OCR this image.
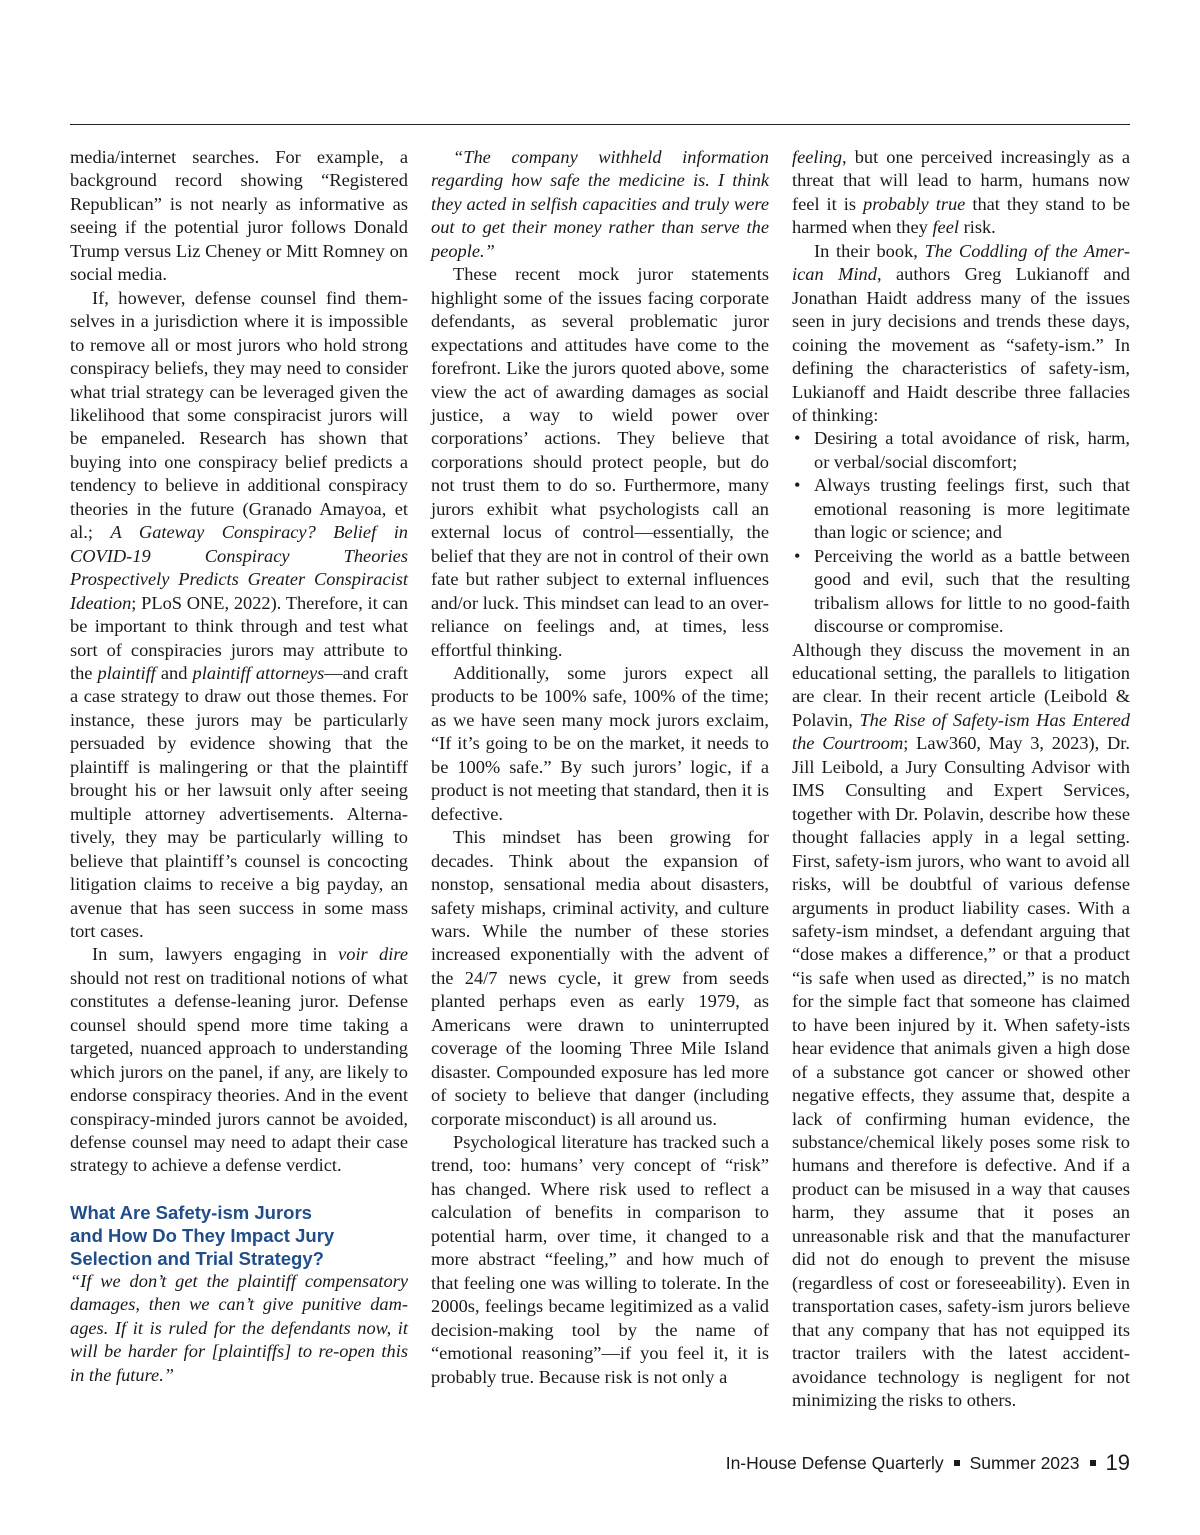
media/internet searches. For example, a background record showing “Registered Republican” is not nearly as informative as seeing if the potential juror follows Donald Trump versus Liz Cheney or Mitt Romney on social media.

If, however, defense counsel find themselves in a jurisdiction where it is impossible to remove all or most jurors who hold strong conspiracy beliefs, they may need to consider what trial strategy can be leveraged given the likelihood that some conspiracist jurors will be empaneled. Research has shown that buying into one conspiracy belief predicts a tendency to believe in additional conspiracy theories in the future (Granado Amayoa, et al.; A Gateway Conspiracy? Belief in COVID-19 Conspiracy Theories Prospectively Predicts Greater Conspiracist Ideation; PLoS ONE, 2022). Therefore, it can be important to think through and test what sort of conspiracies jurors may attribute to the plaintiff and plaintiff attorneys—and craft a case strategy to draw out those themes. For instance, these jurors may be particularly persuaded by evidence showing that the plaintiff is malingering or that the plaintiff brought his or her lawsuit only after seeing multiple attorney advertisements. Alternatively, they may be particularly willing to believe that plaintiff’s counsel is concocting litigation claims to receive a big payday, an avenue that has seen success in some mass tort cases.

In sum, lawyers engaging in voir dire should not rest on traditional notions of what constitutes a defense-leaning juror. Defense counsel should spend more time taking a targeted, nuanced approach to understanding which jurors on the panel, if any, are likely to endorse conspiracy theories. And in the event conspiracy-minded jurors cannot be avoided, defense counsel may need to adapt their case strategy to achieve a defense verdict.

What Are Safety-ism Jurors
and How Do They Impact Jury
Selection and Trial Strategy?

“If we don’t get the plaintiff compensatory damages, then we can’t give punitive damages. If it is ruled for the defendants now, it will be harder for [plaintiffs] to re-open this in the future.”

“The company withheld information regarding how safe the medicine is. I think they acted in selfish capacities and truly were out to get their money rather than serve the people.”

These recent mock juror statements highlight some of the issues facing corporate defendants, as several problematic juror expectations and attitudes have come to the forefront. Like the jurors quoted above, some view the act of awarding damages as social justice, a way to wield power over corporations’ actions. They believe that corporations should protect people, but do not trust them to do so. Furthermore, many jurors exhibit what psychologists call an external locus of control—essentially, the belief that they are not in control of their own fate but rather subject to external influences and/or luck. This mindset can lead to an over-reliance on feelings and, at times, less effortful thinking.

Additionally, some jurors expect all products to be 100% safe, 100% of the time; as we have seen many mock jurors exclaim, “If it’s going to be on the market, it needs to be 100% safe.” By such jurors’ logic, if a product is not meeting that standard, then it is defective.

This mindset has been growing for decades. Think about the expansion of nonstop, sensational media about disasters, safety mishaps, criminal activity, and culture wars. While the number of these stories increased exponentially with the advent of the 24/7 news cycle, it grew from seeds planted perhaps even as early 1979, as Americans were drawn to uninterrupted coverage of the looming Three Mile Island disaster. Compounded exposure has led more of society to believe that danger (including corporate misconduct) is all around us.

Psychological literature has tracked such a trend, too: humans’ very concept of “risk” has changed. Where risk used to reflect a calculation of benefits in comparison to potential harm, over time, it changed to a more abstract “feeling,” and how much of that feeling one was willing to tolerate. In the 2000s, feelings became legitimized as a valid decision-making tool by the name of “emotional reasoning”—if you feel it, it is probably true. Because risk is not only a

feeling, but one perceived increasingly as a threat that will lead to harm, humans now feel it is probably true that they stand to be harmed when they feel risk.

In their book, The Coddling of the American Mind, authors Greg Lukianoff and Jonathan Haidt address many of the issues seen in jury decisions and trends these days, coining the movement as “safety-ism.” In defining the characteristics of safety-ism, Lukianoff and Haidt describe three fallacies of thinking:

• Desiring a total avoidance of risk, harm, or verbal/social discomfort;
• Always trusting feelings first, such that emotional reasoning is more legitimate than logic or science; and
• Perceiving the world as a battle between good and evil, such that the resulting tribalism allows for little to no good-faith discourse or compromise.

Although they discuss the movement in an educational setting, the parallels to litigation are clear. In their recent article (Leibold & Polavin, The Rise of Safety-ism Has Entered the Courtroom; Law360, May 3, 2023), Dr. Jill Leibold, a Jury Consulting Advisor with IMS Consulting and Expert Services, together with Dr. Polavin, describe how these thought fallacies apply in a legal setting. First, safety-ism jurors, who want to avoid all risks, will be doubtful of various defense arguments in product liability cases. With a safety-ism mindset, a defendant arguing that “dose makes a difference,” or that a product “is safe when used as directed,” is no match for the simple fact that someone has claimed to have been injured by it. When safety-ists hear evidence that animals given a high dose of a substance got cancer or showed other negative effects, they assume that, despite a lack of confirming human evidence, the substance/chemical likely poses some risk to humans and therefore is defective. And if a product can be misused in a way that causes harm, they assume that it poses an unreasonable risk and that the manufacturer did not do enough to prevent the misuse (regardless of cost or foreseeability). Even in transportation cases, safety-ism jurors believe that any company that has not equipped its tractor trailers with the latest accident-avoidance technology is negligent for not minimizing the risks to others.

In-House Defense Quarterly Summer 2023 19
